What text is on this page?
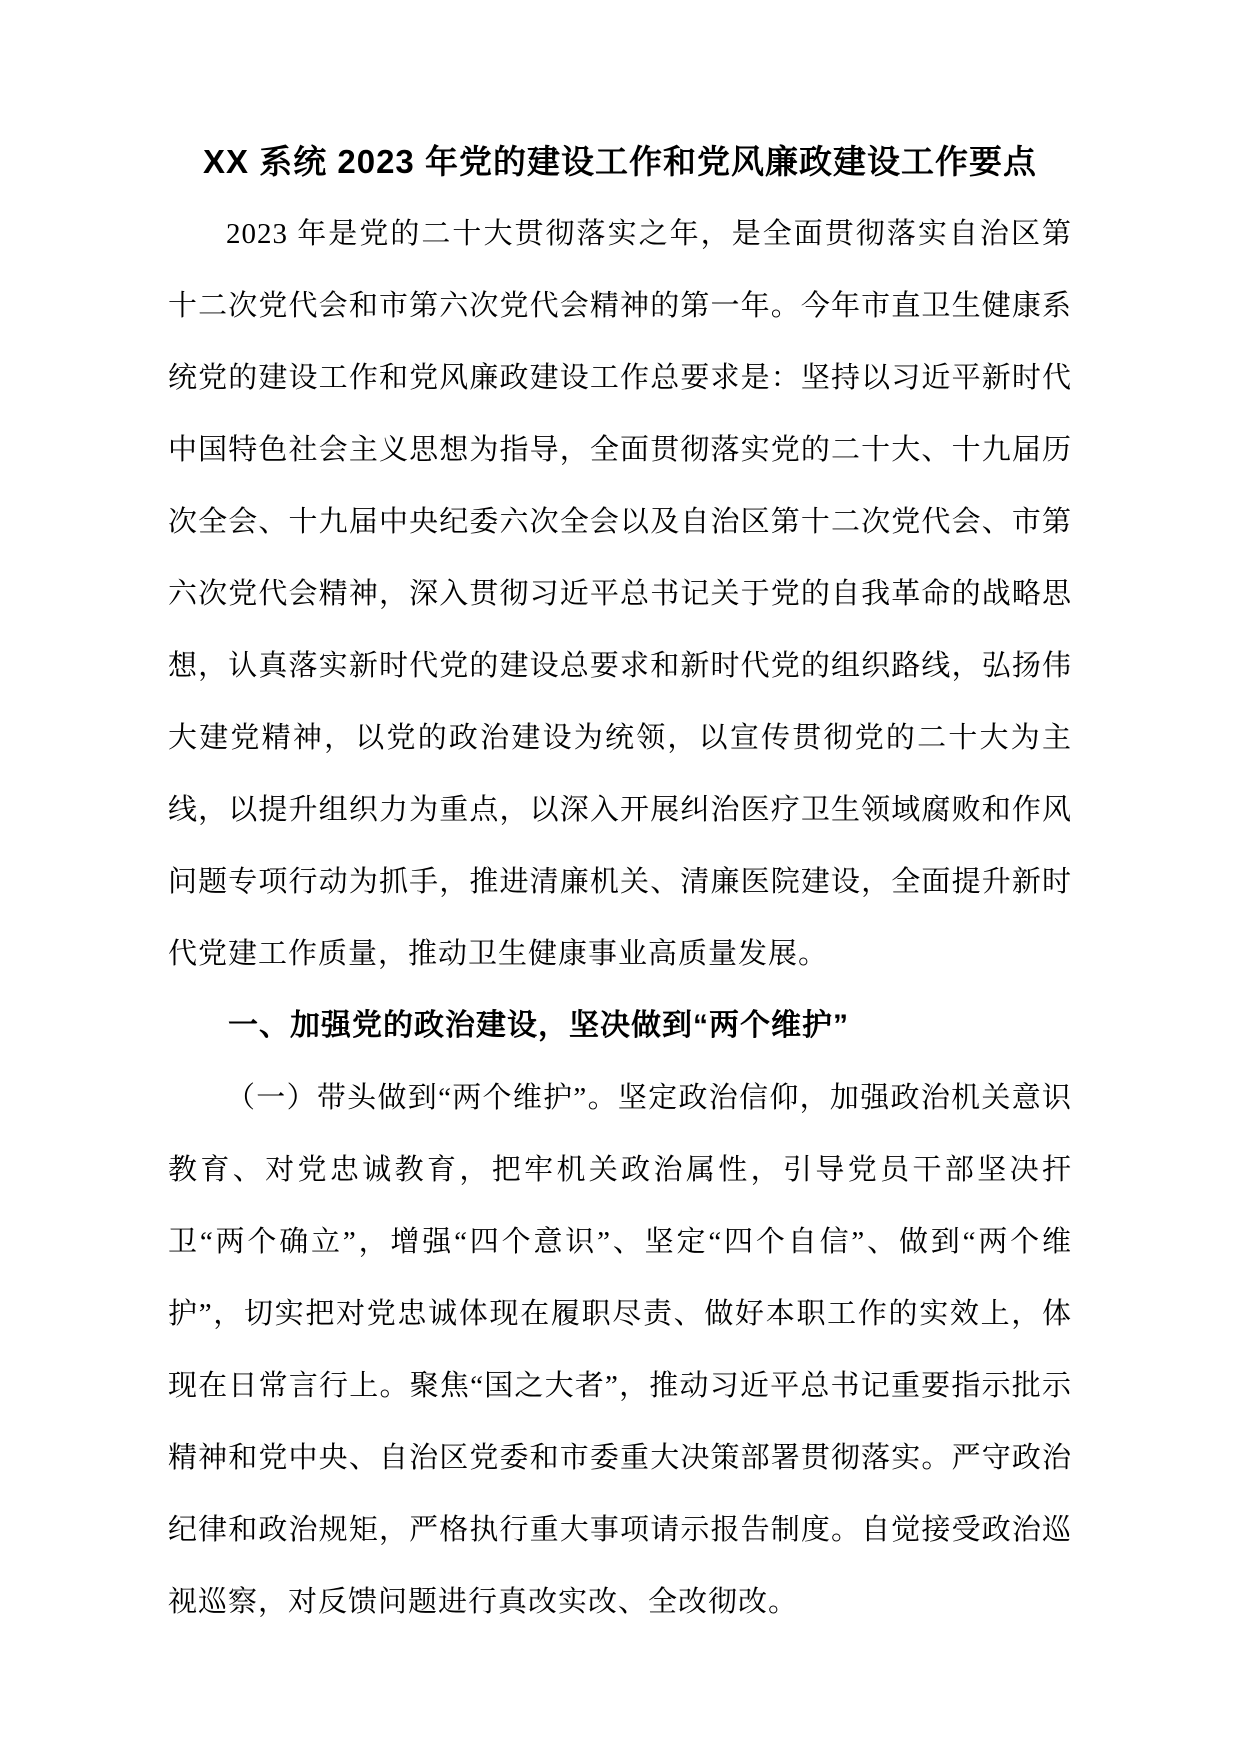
XX 系统 2023 年党的建设工作和党风廉政建设工作要点

2023 年是党的二十大贯彻落实之年，是全面贯彻落实自治区第十二次党代会和市第六次党代会精神的第一年。今年市直卫生健康系统党的建设工作和党风廉政建设工作总要求是：坚持以习近平新时代中国特色社会主义思想为指导，全面贯彻落实党的二十大、十九届历次全会、十九届中央纪委六次全会以及自治区第十二次党代会、市第六次党代会精神，深入贯彻习近平总书记关于党的自我革命的战略思想，认真落实新时代党的建设总要求和新时代党的组织路线，弘扬伟大建党精神，以党的政治建设为统领，以宣传贯彻党的二十大为主线，以提升组织力为重点，以深入开展纠治医疗卫生领域腐败和作风问题专项行动为抓手，推进清廉机关、清廉医院建设，全面提升新时代党建工作质量，推动卫生健康事业高质量发展。

一、加强党的政治建设，坚决做到“两个维护”

（一）带头做到“两个维护”。坚定政治信仰，加强政治机关意识教育、对党忠诚教育，把牢机关政治属性，引导党员干部坚决扞卫“两个确立”，增强“四个意识”、坚定“四个自信”、做到“两个维护”，切实把对党忠诚体现在履职尽责、做好本职工作的实效上，体现在日常言行上。聚焦“国之大者”，推动习近平总书记重要指示批示精神和党中央、自治区党委和市委重大决策部署贯彻落实。严守政治纪律和政治规矩，严格执行重大事项请示报告制度。自觉接受政治巡视巡察，对反馈问题进行真改实改、全改彻改。
